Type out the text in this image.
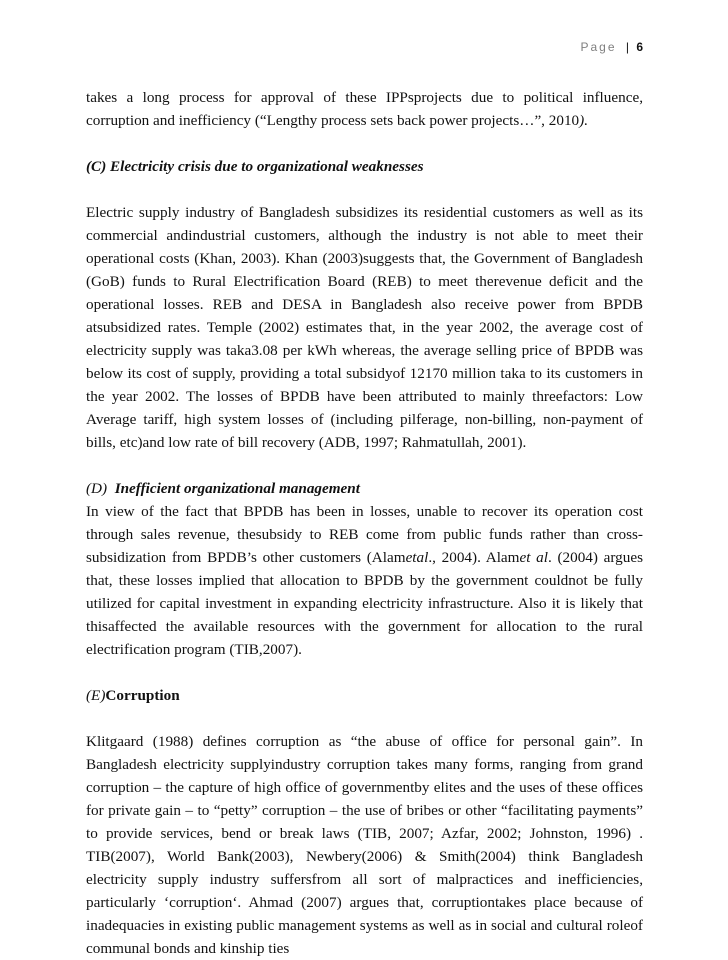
Page | 6

takes a long process for approval of these IPPsprojects due to political influence, corruption and inefficiency (“Lengthy process sets back power projects…”, 2010).

(C) Electricity crisis due to organizational weaknesses

Electric supply industry of Bangladesh subsidizes its residential customers as well as its commercial andindustrial customers, although the industry is not able to meet their operational costs (Khan, 2003). Khan (2003)suggests that, the Government of Bangladesh (GoB) funds to Rural Electrification Board (REB) to meet therevenue deficit and the operational losses. REB and DESA in Bangladesh also receive power from BPDB atsubsidized rates. Temple (2002) estimates that, in the year 2002, the average cost of electricity supply was taka3.08 per kWh whereas, the average selling price of BPDB was below its cost of supply, providing a total subsidyof 12170 million taka to its customers in the year 2002. The losses of BPDB have been attributed to mainly threefactors: Low Average tariff, high system losses of (including pilferage, non-billing, non-payment of bills, etc)and low rate of bill recovery (ADB, 1997; Rahmatullah, 2001).

(D) Inefficient organizational management

In view of the fact that BPDB has been in losses, unable to recover its operation cost through sales revenue, thesubsidy to REB come from public funds rather than cross-subsidization from BPDB’s other customers (Alametal., 2004). Alamet al. (2004) argues that, these losses implied that allocation to BPDB by the government couldnot be fully utilized for capital investment in expanding electricity infrastructure. Also it is likely that thisaffected the available resources with the government for allocation to the rural electrification program (TIB,2007).

(E)Corruption

Klitgaard (1988) defines corruption as “the abuse of office for personal gain”. In Bangladesh electricity supplyindustry corruption takes many forms, ranging from grand corruption – the capture of high office of governmentby elites and the uses of these offices for private gain – to “petty” corruption – the use of bribes or other “facilitating payments” to provide services, bend or break laws (TIB, 2007; Azfar, 2002; Johnston, 1996) . TIB(2007), World Bank(2003), Newbery(2006) & Smith(2004) think Bangladesh electricity supply industry suffersfrom all sort of malpractices and inefficiencies, particularly ‘corruption‘. Ahmad (2007) argues that, corruptiontakes place because of inadequacies in existing public management systems as well as in social and cultural roleof communal bonds and kinship ties
